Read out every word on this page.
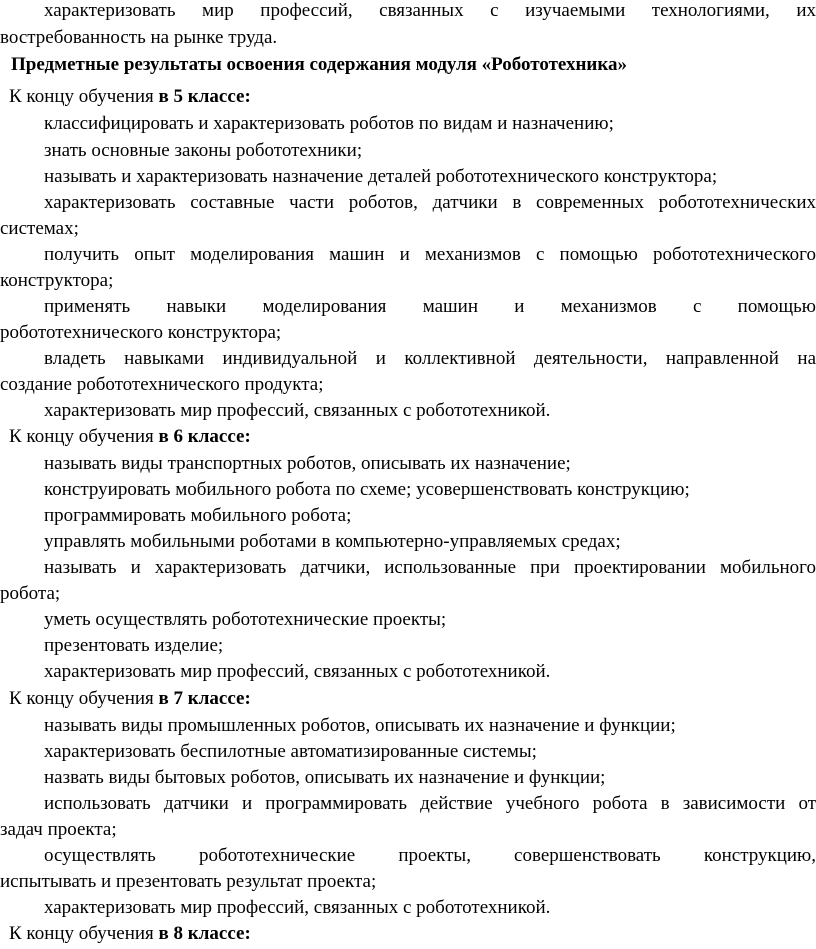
характеризовать мир профессий, связанных с изучаемыми технологиями, их
востребованность на рынке труда.
Предметные результаты освоения содержания модуля «Робототехника»
К концу обучения в 5 классе:
классифицировать и характеризовать роботов по видам и назначению;
знать основные законы робототехники;
называть и характеризовать назначение деталей робототехнического конструктора;
характеризовать составные части роботов, датчики в современных робототехнических
системах;
получить опыт моделирования машин и механизмов с помощью робототехнического
конструктора;
применять навыки моделирования машин и механизмов с помощью
робототехнического конструктора;
владеть навыками индивидуальной и коллективной деятельности, направленной на
создание робототехнического продукта;
характеризовать мир профессий, связанных с робототехникой.
К концу обучения в 6 классе:
называть виды транспортных роботов, описывать их назначение;
конструировать мобильного робота по схеме; усовершенствовать конструкцию;
программировать мобильного робота;
управлять мобильными роботами в компьютерно-управляемых средах;
называть и характеризовать датчики, использованные при проектировании мобильного
робота;
уметь осуществлять робототехнические проекты;
презентовать изделие;
характеризовать мир профессий, связанных с робототехникой.
К концу обучения в 7 классе:
называть виды промышленных роботов, описывать их назначение и функции;
характеризовать беспилотные автоматизированные системы;
назвать виды бытовых роботов, описывать их назначение и функции;
использовать датчики и программировать действие учебного робота в зависимости от
задач проекта;
осуществлять робототехнические проекты, совершенствовать конструкцию,
испытывать и презентовать результат проекта;
характеризовать мир профессий, связанных с робототехникой.
К концу обучения в 8 классе:
